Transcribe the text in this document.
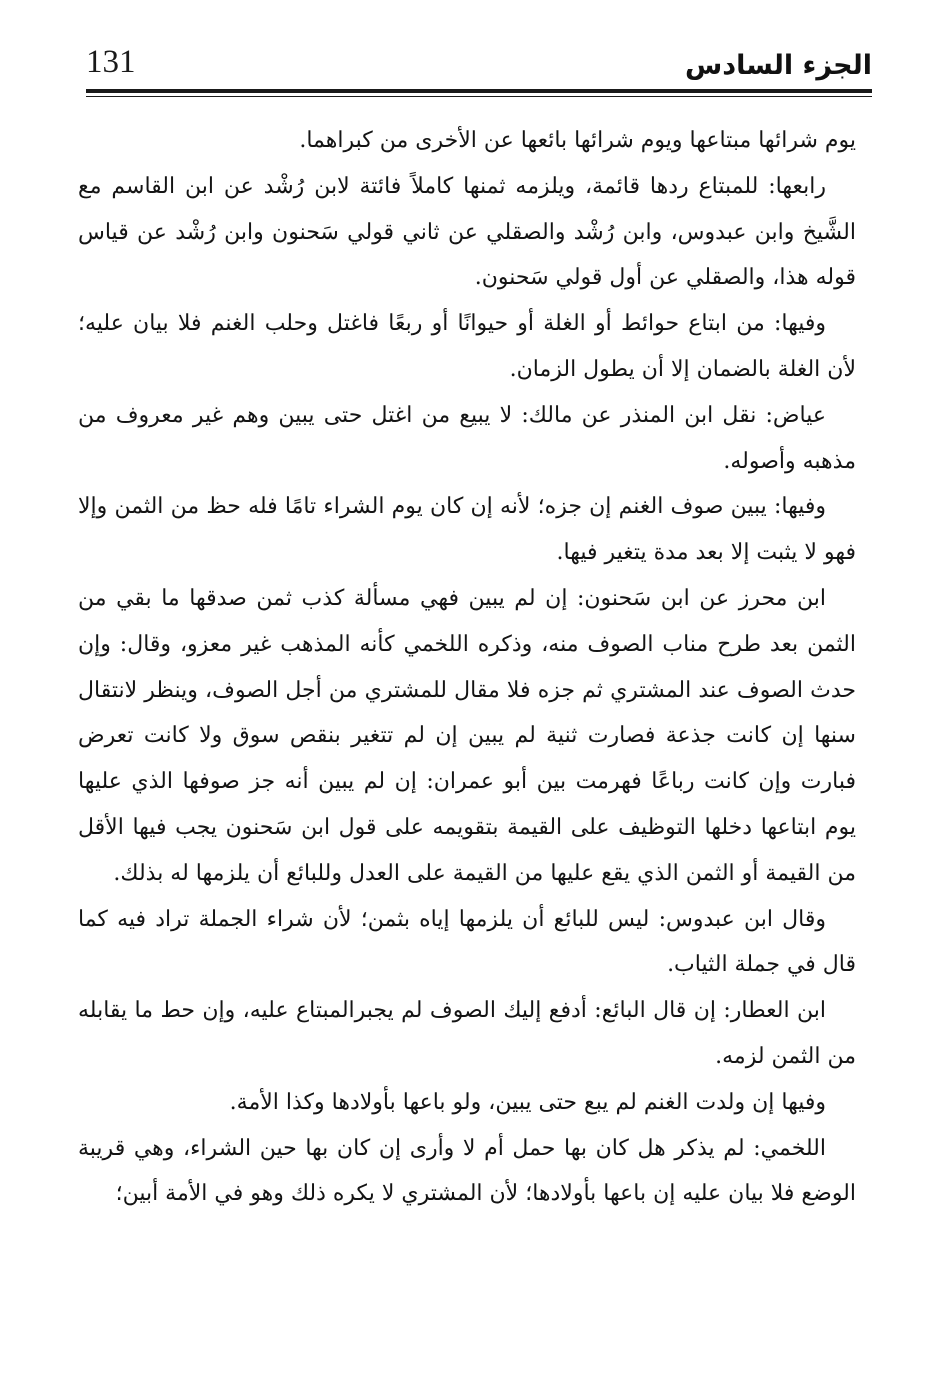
131	الجزء السادس

يوم شرائها مبتاعها ويوم شرائها بائعها عن الأخرى من كبراهما.

رابعها: للمبتاع ردها قائمة، ويلزمه ثمنها كاملاً فائتة لابن رُشْد عن ابن القاسم مع الشَّيخ وابن عبدوس، وابن رُشْد والصقلي عن ثاني قولي سَحنون وابن رُشْد عن قياس قوله هذا، والصقلي عن أول قولي سَحنون.

وفيها: من ابتاع حوائط أو الغلة أو حيوانًا أو ربعًا فاغتل وحلب الغنم فلا بيان عليه؛ لأن الغلة بالضمان إلا أن يطول الزمان.

عياض: نقل ابن المنذر عن مالك: لا يبيع من اغتل حتى يبين وهم غير معروف من مذهبه وأصوله.

وفيها: يبين صوف الغنم إن جزه؛ لأنه إن كان يوم الشراء تامًا فله حظ من الثمن وإلا فهو لا يثبت إلا بعد مدة يتغير فيها.

ابن محرز عن ابن سَحنون: إن لم يبين فهي مسألة كذب ثمن صدقها ما بقي من الثمن بعد طرح مناب الصوف منه، وذكره اللخمي كأنه المذهب غير معزو، وقال: وإن حدث الصوف عند المشتري ثم جزه فلا مقال للمشتري من أجل الصوف، وينظر لانتقال سنها إن كانت جذعة فصارت ثنية لم يبين إن لم تتغير بنقص سوق ولا كانت تعرض فبارت وإن كانت رباعًا فهرمت بين أبو عمران: إن لم يبين أنه جز صوفها الذي عليها يوم ابتاعها دخلها التوظيف على القيمة بتقويمه على قول ابن سَحنون يجب فيها الأقل من القيمة أو الثمن الذي يقع عليها من القيمة على العدل وللبائع أن يلزمها له بذلك.

وقال ابن عبدوس: ليس للبائع أن يلزمها إياه بثمن؛ لأن شراء الجملة تراد فيه كما قال في جملة الثياب.

ابن العطار: إن قال البائع: أدفع إليك الصوف لم يجبرالمبتاع عليه، وإن حط ما يقابله من الثمن لزمه.

وفيها إن ولدت الغنم لم يبع حتى يبين، ولو باعها بأولادها وكذا الأمة.

اللخمي: لم يذكر هل كان بها حمل أم لا وأرى إن كان بها حين الشراء، وهي قريبة الوضع فلا بيان عليه إن باعها بأولادها؛ لأن المشتري لا يكره ذلك وهو في الأمة أبين؛
